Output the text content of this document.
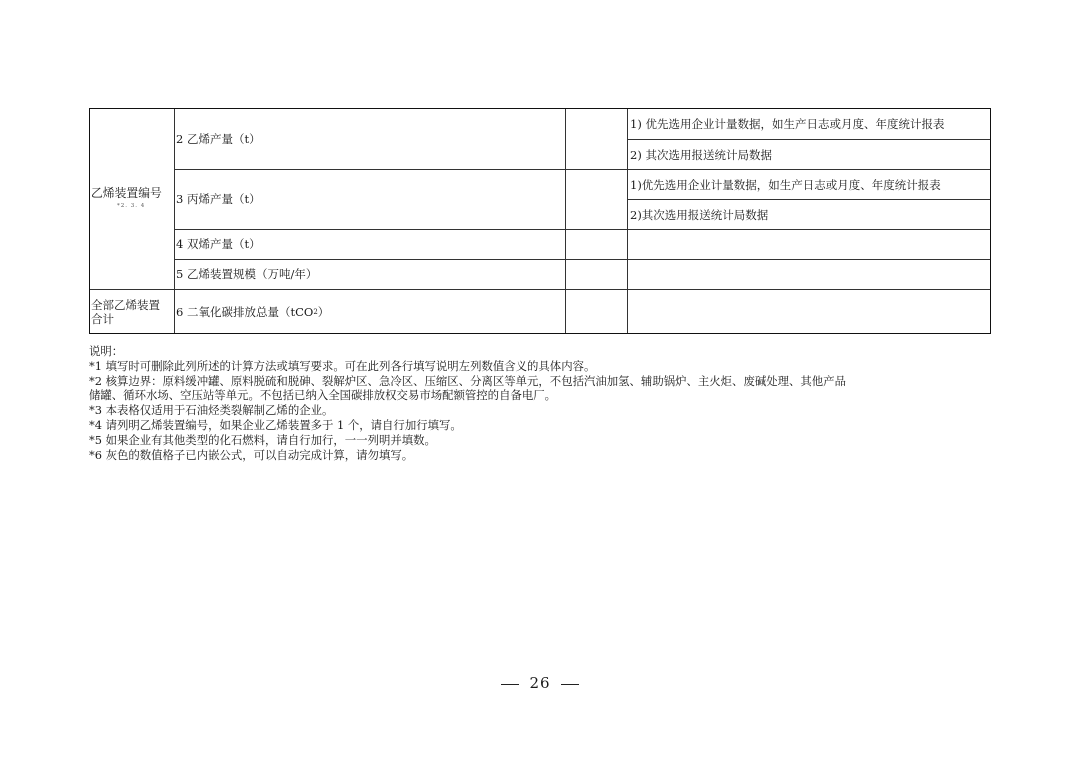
乙烯装置编号
*2. 3. 4
2 乙烯产量（t）
3 丙烯产量（t）
4 双烯产量（t）
5 乙烯装置规模（万吨/年）
1) 优先选用企业计量数据，如生产日志或月度、年度统计报表
2) 其次选用报送统计局数据
1)优先选用企业计量数据，如生产日志或月度、年度统计报表
2)其次选用报送统计局数据
全部乙烯装置
合计	6 二氧化碳排放总量（tCO 2 ）
说明：
*1 填写时可删除此列所述的计算方法或填写要求。可在此列各行填写说明左列数值含义的具体内容。
*2 核算边界：原料缓冲罐、原料脱硫和脱砷、裂解炉区、急冷区、压缩区、分离区等单元，不包括汽油加氢、辅助锅炉、主火炬、废碱处理、其他产品
储罐、循环水场、空压站等单元。不包括已纳入全国碳排放权交易市场配额管控的自备电厂。
*3 本表格仅适用于石油烃类裂解制乙烯的企业。
*4 请列明乙烯装置编号，如果企业乙烯装置多于 1 个，请自行加行填写。
*5 如果企业有其他类型的化石燃料，请自行加行，一一列明并填数。
*6 灰色的数值格子已内嵌公式，可以自动完成计算，请勿填写。
26
